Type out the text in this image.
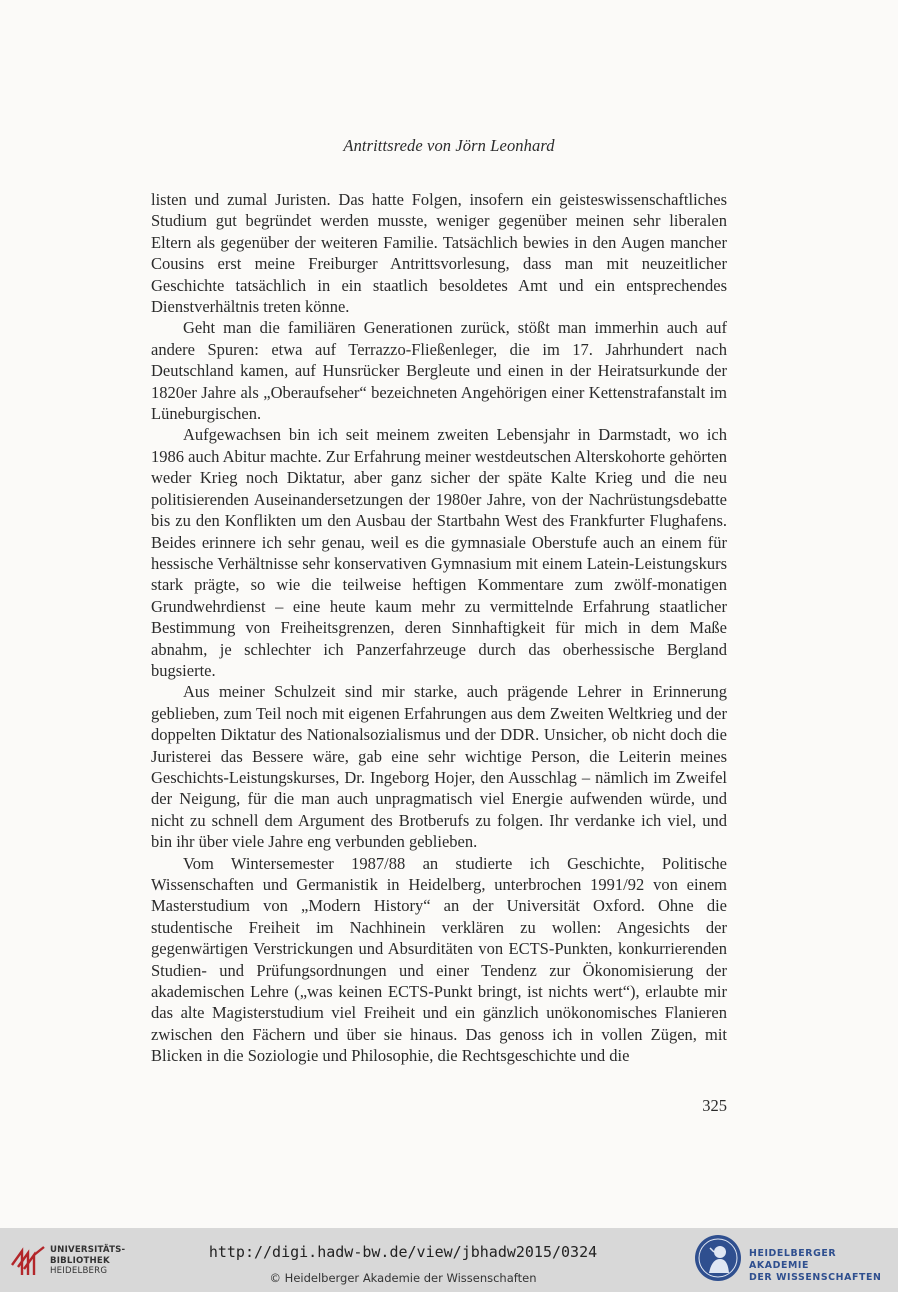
Antrittsrede von Jörn Leonhard

listen und zumal Juristen. Das hatte Folgen, insofern ein geisteswissenschaftliches Studium gut begründet werden musste, weniger gegenüber meinen sehr liberalen Eltern als gegenüber der weiteren Familie. Tatsächlich bewies in den Augen mancher Cousins erst meine Freiburger Antrittsvorlesung, dass man mit neuzeitlicher Geschichte tatsächlich in ein staatlich besoldetes Amt und ein entsprechendes Dienstverhältnis treten könne.

Geht man die familiären Generationen zurück, stößt man immerhin auch auf andere Spuren: etwa auf Terrazzo-Fließenleger, die im 17. Jahrhundert nach Deutschland kamen, auf Hunsrücker Bergleute und einen in der Heiratsurkunde der 1820er Jahre als „Oberaufseher“ bezeichneten Angehörigen einer Kettenstrafanstalt im Lüneburgischen.

Aufgewachsen bin ich seit meinem zweiten Lebensjahr in Darmstadt, wo ich 1986 auch Abitur machte. Zur Erfahrung meiner westdeutschen Alterskohorte gehörten weder Krieg noch Diktatur, aber ganz sicher der späte Kalte Krieg und die neu politisierenden Auseinandersetzungen der 1980er Jahre, von der Nachrüstungsdebatte bis zu den Konflikten um den Ausbau der Startbahn West des Frankfurter Flughafens. Beides erinnere ich sehr genau, weil es die gymnasiale Oberstufe auch an einem für hessische Verhältnisse sehr konservativen Gymnasium mit einem Latein-Leistungskurs stark prägte, so wie die teilweise heftigen Kommentare zum zwölf-monatigen Grundwehrdienst – eine heute kaum mehr zu vermittelnde Erfahrung staatlicher Bestimmung von Freiheitsgrenzen, deren Sinnhaftigkeit für mich in dem Maße abnahm, je schlechter ich Panzerfahrzeuge durch das oberhessische Bergland bugsierte.

Aus meiner Schulzeit sind mir starke, auch prägende Lehrer in Erinnerung geblieben, zum Teil noch mit eigenen Erfahrungen aus dem Zweiten Weltkrieg und der doppelten Diktatur des Nationalsozialismus und der DDR. Unsicher, ob nicht doch die Juristerei das Bessere wäre, gab eine sehr wichtige Person, die Leiterin meines Geschichts-Leistungskurses, Dr. Ingeborg Hojer, den Ausschlag – nämlich im Zweifel der Neigung, für die man auch unpragmatisch viel Energie aufwenden würde, und nicht zu schnell dem Argument des Brotberufs zu folgen. Ihr verdanke ich viel, und bin ihr über viele Jahre eng verbunden geblieben.

Vom Wintersemester 1987/88 an studierte ich Geschichte, Politische Wissenschaften und Germanistik in Heidelberg, unterbrochen 1991/92 von einem Masterstudium von „Modern History“ an der Universität Oxford. Ohne die studentische Freiheit im Nachhinein verklären zu wollen: Angesichts der gegenwärtigen Verstrickungen und Absurditäten von ECTS-Punkten, konkurrierenden Studien- und Prüfungsordnungen und einer Tendenz zur Ökonomisierung der akademischen Lehre („was keinen ECTS-Punkt bringt, ist nichts wert“), erlaubte mir das alte Magisterstudium viel Freiheit und ein gänzlich unökonomisches Flanieren zwischen den Fächern und über sie hinaus. Das genoss ich in vollen Zügen, mit Blicken in die Soziologie und Philosophie, die Rechtsgeschichte und die

325
UNIVERSITÄTS-
BIBLIOTHEK
HEIDELBERG
http://digi.hadw-bw.de/view/jbhadw2015/0324
© Heidelberger Akademie der Wissenschaften
HEIDELBERGER AKADEMIE
DER WISSENSCHAFTEN
